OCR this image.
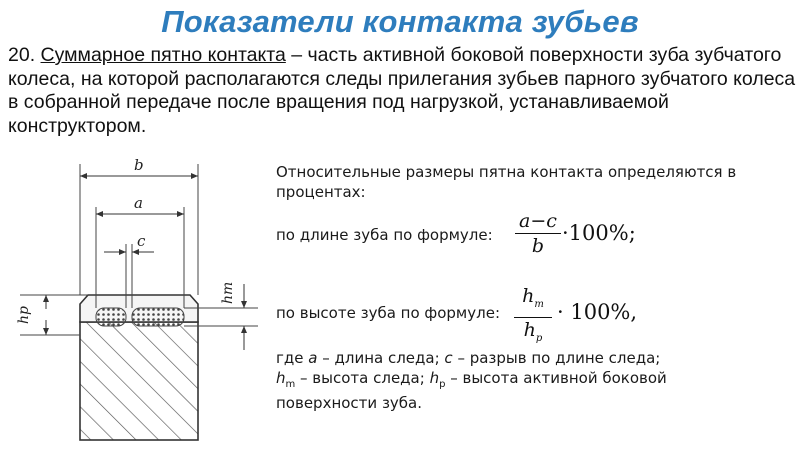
Показатели контакта зубьев
20. Суммарное пятно контакта – часть активной боковой поверхности зуба зубчатого колеса, на которой располагаются следы прилегания зубьев парного зубчатого колеса в собранной передаче после вращения под нагрузкой, устанавливаемой конструктором.
b
a
c
hm
hp
Относительные размеры пятна контакта определяются в процентах:
по длине зуба по формуле:
a−c
b
·100%;
по высоте зуба по формуле:
$h_m$
$h_p$
· 100%,
где a – длина следа; c – разрыв по длине следа;
$h_m$ – высота следа; $h_p$ – высота активной боковой
поверхности зуба.
